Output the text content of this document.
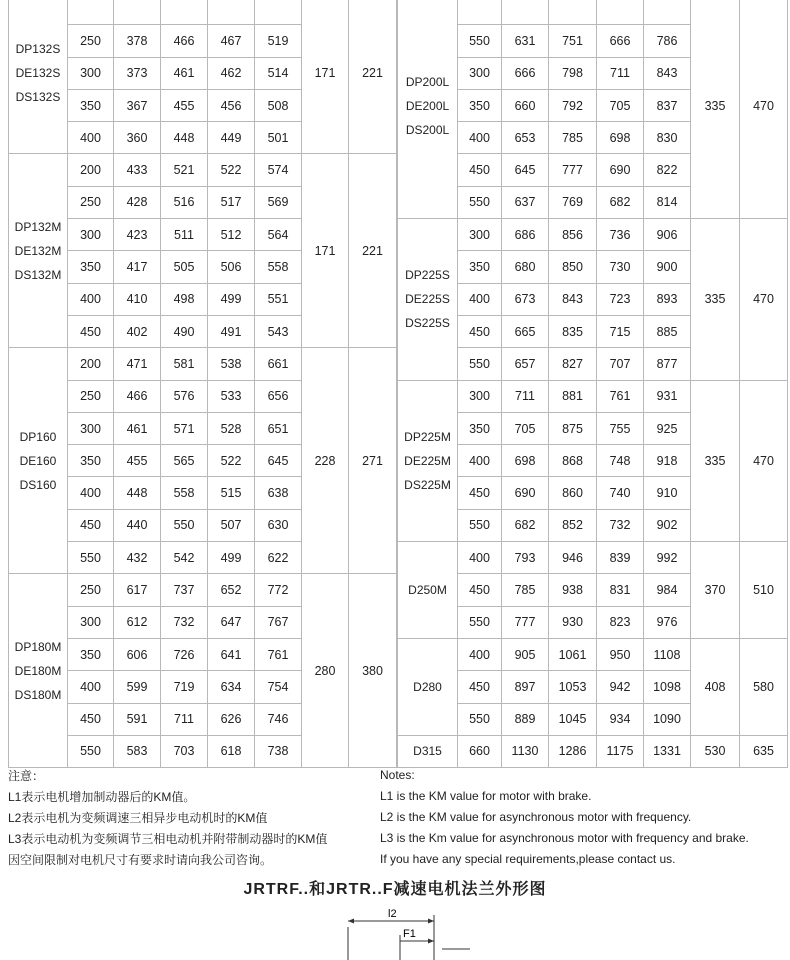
DP132S
DE132S
DS132S						171	221
	250	378	466	467	519		
	300	373	461	462	514		
	350	367	455	456	508		
	400	360	448	449	501		

DP132M
DE132M
DS132M	200	433	521	522	574	171	221
	250	428	516	517	569		
	300	423	511	512	564		
	350	417	505	506	558		
	400	410	498	499	551		
	450	402	490	491	543		

DP160
DE160
DS160	200	471	581	538	661	228	271
	250	466	576	533	656		
	300	461	571	528	651		
	350	455	565	522	645		
	400	448	558	515	638		
	450	440	550	507	630		
	550	432	542	499	622		

DP180M
DE180M
DS180M	250	617	737	652	772	280	380
	300	612	732	647	767		
	350	606	726	641	761		
	400	599	719	634	754		
	450	591	711	626	746		
	550	583	703	618	738		
DP200L
DE200L
DS200L						335	470
	550	631	751	666	786		
	300	666	798	711	843		
	350	660	792	705	837		
	400	653	785	698	830		
	450	645	777	690	822		
	550	637	769	682	814		

DP225S
DE225S
DS225S	300	686	856	736	906	335	470
	350	680	850	730	900		
	400	673	843	723	893		
	450	665	835	715	885		
	550	657	827	707	877		

DP225M
DE225M
DS225M	300	711	881	761	931	335	470
	350	705	875	755	925		
	400	698	868	748	918		
	450	690	860	740	910		
	550	682	852	732	902		

D250M	400	793	946	839	992	370	510
	450	785	938	831	984		
	550	777	930	823	976		

D280	400	905	1061	950	1108	408	580
	450	897	1053	942	1098		
	550	889	1045	934	1090		

D315	660	1130	1286	1175	1331	530	635
注意：
L1表示电机增加制动器后的KM值。
L2表示电机为变频调速三相异步电动机时的KM值
L3表示电动机为变频调节三相电动机并附带制动器时的KM值
因空间限制对电机尺寸有要求时请向我公司咨询。
Notes:
L1 is the KM value for motor with brake.
L2 is the KM value for asynchronous motor with frequency.
L3 is the Km value for asynchronous motor with frequency and brake.
If you have any special requirements,please contact us.
JRTRF..和JRTR..F减速电机法兰外形图
l2
F1
